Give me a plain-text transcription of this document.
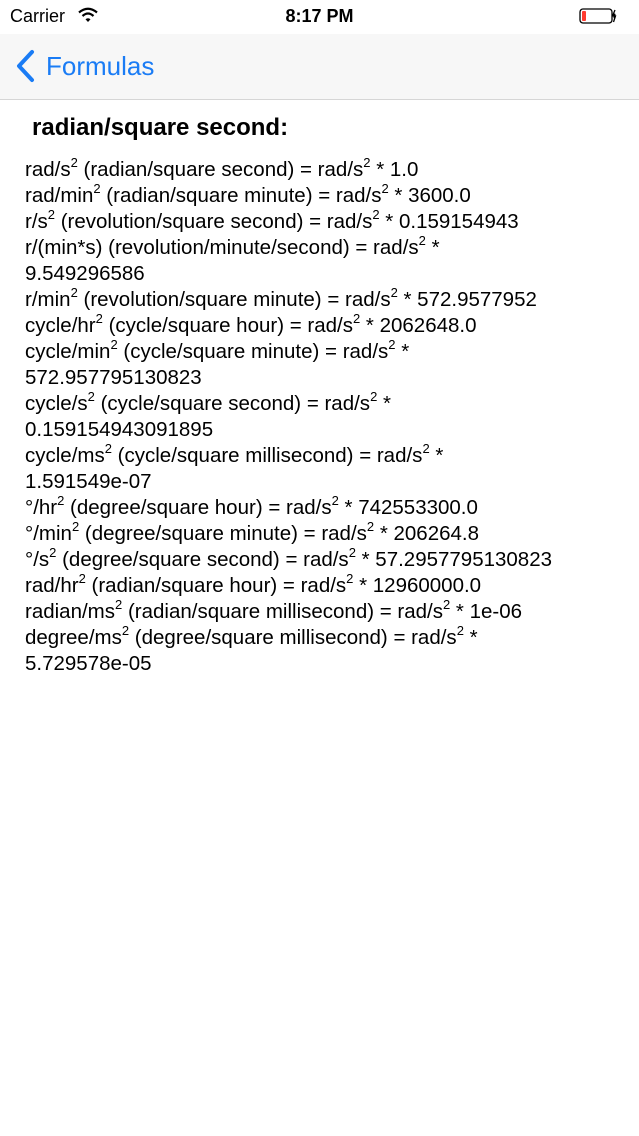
Carrier	8:17 PM
Formulas
radian/square second:
rad/$s^2$ (radian/square second) = rad/$s^2 * 1.0$
rad/$\min^2$ (radian/square minute) = rad/$s^2 * 3600.0$
$r/s^2$ (revolution/square second) = rad/$s^2 * 0.159154943$
r/(min*s) (revolution/minute/second) = rad/$s^2$ *
9.549296586
$r/\min^2$ (revolution/square minute) = rad/$s^2 * 572.9577952$
cycle/$hr^2$ (cycle/square hour) = rad/$s^2 * 2062648.0$
cycle/$\min^2$ (cycle/square minute) = rad/$s^2$ *
572.957795130823
cycle/$s^2$ (cycle/square second) = rad/$s^2$ *
0.159154943091895
cycle/$ms^2$ (cycle/square millisecond) = rad/$s^2$ *
1.591549e-07
$^\circ/hr^2$ (degree/square hour) = rad/$s^2 * 742553300.0$
$^\circ/\min^2$ (degree/square minute) = rad/$s^2 * 206264.8$
$^\circ/s^2$ (degree/square second) = rad/$s^2 * 57.2957795130823$
rad/$hr^2$ (radian/square hour) = rad/$s^2 * 12960000.0$
radian/$ms^2$ (radian/square millisecond) = rad/$s^2 * 1e-06$
degree/$ms^2$ (degree/square millisecond) = rad/$s^2$ *
5.729578e-05
